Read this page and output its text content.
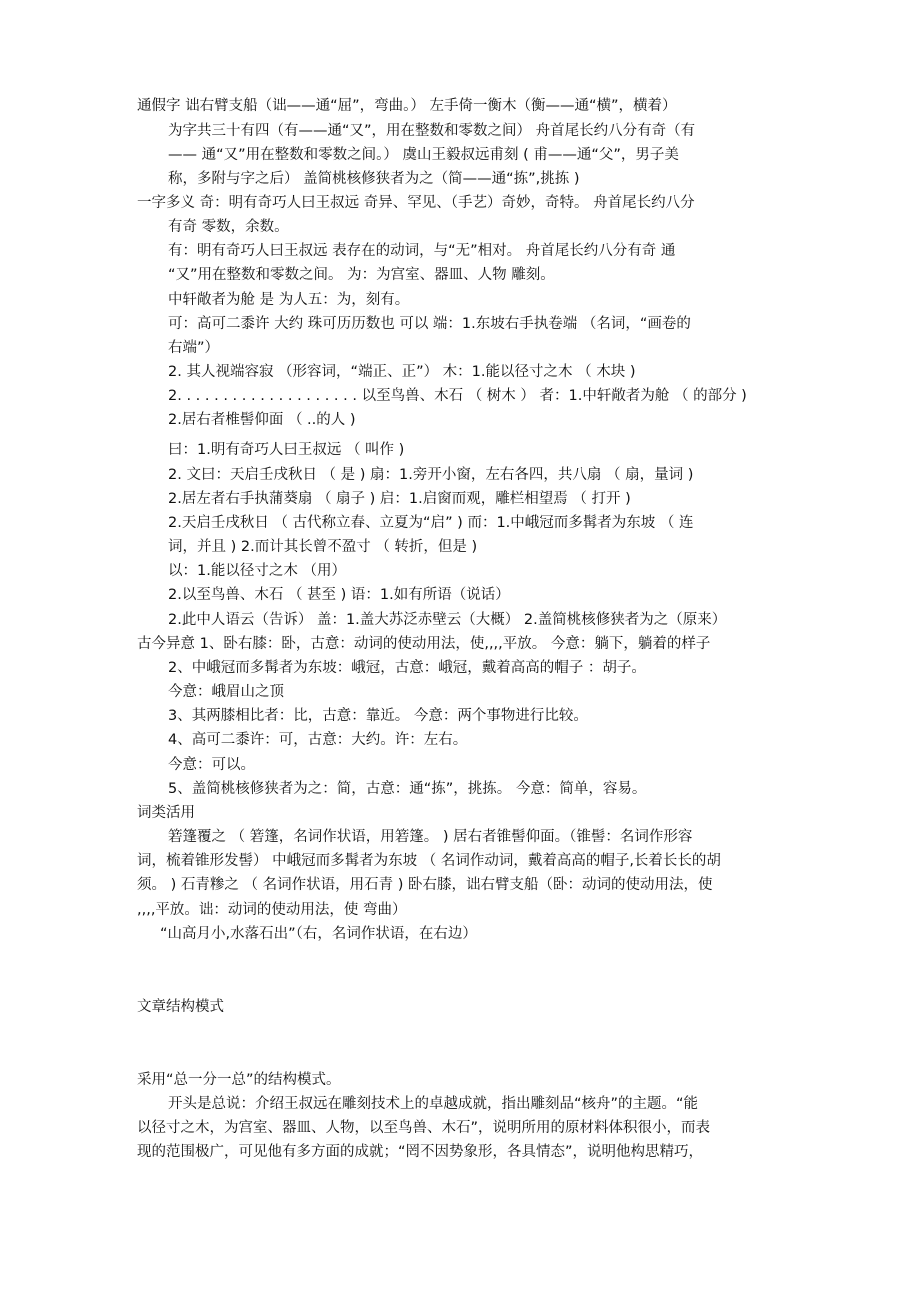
通假字 诎右臂支船（诎——通“屈”，弯曲。） 左手倚一衡木（衡——通“横”，横着）
为字共三十有四（有——通“又”，用在整数和零数之间） 舟首尾长约八分有奇（有
—— 通“又”用在整数和零数之间。） 虞山王毅叔远甫刻 ( 甫——通“父”，男子美
称，多附与字之后） 盖简桃核修狭者为之（简——通“拣”,挑拣 )
一字多义 奇：明有奇巧人曰王叔远 奇异、罕见、（手艺）奇妙，奇特。 舟首尾长约八分
有奇 零数，余数。
有：明有奇巧人曰王叔远 表存在的动词，与“无”相对。 舟首尾长约八分有奇 通
“又”用在整数和零数之间。 为：为宫室、器皿、人物 雕刻。
中轩敞者为舱 是 为人五：为，刻有。
可：高可二黍许 大约 珠可历历数也 可以 端：1.东坡右手执卷端 （名词，“画卷的
右端”）
2. 其人视端容寂 （形容词，“端正、正”） 木：1.能以径寸之木 （ 木块 )
2. . . . . . . . . . . . . . . . . . . . 以至鸟兽、木石 （ 树木 ） 者：1.中轩敞者为舱 （ 的部分 )
2.居右者椎髻仰面 （ ..的人 )
曰：1.明有奇巧人曰王叔远 （ 叫作 )
2. 文曰：天启壬戌秋日 （ 是 ) 扇：1.旁开小窗，左右各四，共八扇 （ 扇，量词 )
2.居左者右手执蒲葵扇 （ 扇子 ) 启：1.启窗而观，雕栏相望焉 （ 打开 )
2.天启壬戌秋日 （ 古代称立春、立夏为“启” ) 而：1.中峨冠而多髯者为东坡 （ 连
词，并且 ) 2.而计其长曾不盈寸 （ 转折，但是 )
以：1.能以径寸之木 （用）
2.以至鸟兽、木石 （ 甚至 ) 语：1.如有所语（说话）
2.此中人语云（告诉） 盖：1.盖大苏泛赤壁云（大概） 2.盖简桃核修狭者为之（原来）
古今异意 1、卧右膝：卧，古意：动词的使动用法，使,,,,平放。 今意：躺下，躺着的样子
2、中峨冠而多髯者为东坡：峨冠，古意：峨冠，戴着高高的帽子 ：胡子。
今意：峨眉山之顶
3、其两膝相比者：比，古意：靠近。 今意：两个事物进行比较。
4、高可二黍许：可，古意：大约。许：左右。
今意：可以。
5、盖简桃核修狭者为之：简，古意：通“拣”，挑拣。 今意：简单，容易。
词类活用
箬篷覆之 （ 箬篷，名词作状语，用箬篷。 ) 居右者锥髻仰面。（锥髻：名词作形容
词，梳着锥形发髻） 中峨冠而多髯者为东坡 （ 名词作动词，戴着高高的帽子,长着长长的胡
须。 ) 石青糁之 （ 名词作状语，用石青 ) 卧右膝，诎右臂支船（卧：动词的使动用法，使
,,,,平放。诎：动词的使动用法，使 弯曲）
“山高月小,水落石出”（右，名词作状语，在右边）
文章结构模式
采用“总一分一总”的结构模式。
开头是总说：介绍王叔远在雕刻技术上的卓越成就，指出雕刻品“核舟”的主题。“能
以径寸之木，为宫室、器皿、人物，以至鸟兽、木石”，说明所用的原材料体积很小，而表
现的范围极广，可见他有多方面的成就；“罔不因势象形，各具情态”，说明他构思精巧，
